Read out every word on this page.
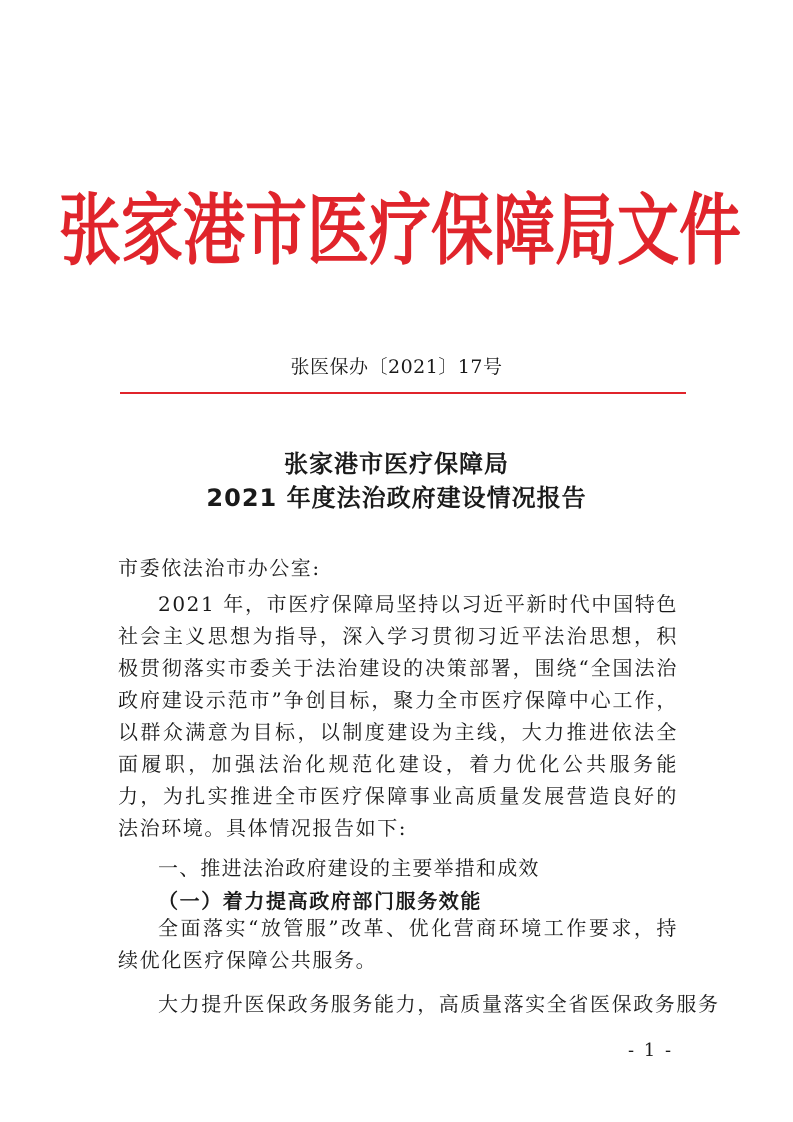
张家港市医疗保障局文件
张医保办〔2021〕17号
张家港市医疗保障局
2021 年度法治政府建设情况报告
市委依法治市办公室:
2021 年，市医疗保障局坚持以习近平新时代中国特色社会主义思想为指导，深入学习贯彻习近平法治思想，积极贯彻落实市委关于法治建设的决策部署，围绕“全国法治政府建设示范市”争创目标，聚力全市医疗保障中心工作，以群众满意为目标，以制度建设为主线，大力推进依法全面履职，加强法治化规范化建设，着力优化公共服务能力，为扎实推进全市医疗保障事业高质量发展营造良好的法治环境。具体情况报告如下:
一、推进法治政府建设的主要举措和成效
（一）着力提高政府部门服务效能
全面落实“放管服”改革、优化营商环境工作要求，持续优化医疗保障公共服务。
大力提升医保政务服务能力，高质量落实全省医保政务服务
- 1 -
